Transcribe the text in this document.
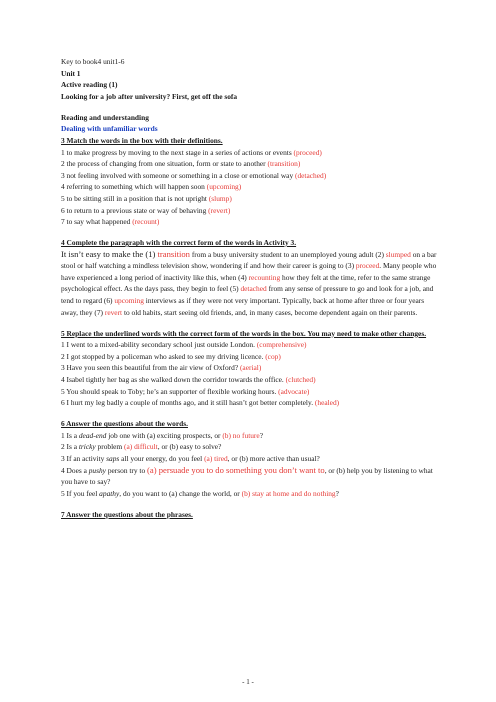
Key to book4 unit1-6
Unit 1
Active reading (1)
Looking for a job after university? First, get off the sofa
Reading and understanding
Dealing with unfamiliar words
3 Match the words in the box with their definitions.
1 to make progress by moving to the next stage in a series of actions or events (proceed)
2 the process of changing from one situation, form or state to another (transition)
3 not feeling involved with someone or something in a close or emotional way (detached)
4 referring to something which will happen soon (upcoming)
5 to be sitting still in a position that is not upright (slump)
6 to return to a previous state or way of behaving (revert)
7 to say what happened (recount)
4 Complete the paragraph with the correct form of the words in Activity 3.
It isn’t easy to make the (1) transition from a busy university student to an unemployed young adult (2) slumped on a bar stool or half watching a mindless television show, wondering if and how their career is going to (3) proceed. Many people who have experienced a long period of inactivity like this, when (4) recounting how they felt at the time, refer to the same strange psychological effect. As the days pass, they begin to feel (5) detached from any sense of pressure to go and look for a job, and tend to regard (6) upcoming interviews as if they were not very important. Typically, back at home after three or four years away, they (7) revert to old habits, start seeing old friends, and, in many cases, become dependent again on their parents.
5 Replace the underlined words with the correct form of the words in the box. You may need to make other changes.
1 I went to a mixed-ability secondary school just outside London. (comprehensive)
2 I got stopped by a policeman who asked to see my driving licence. (cop)
3 Have you seen this beautiful from the air view of Oxford? (aerial)
4 Isabel tightly her bag as she walked down the corridor towards the office. (clutched)
5 You should speak to Toby; he’s an supporter of flexible working hours. (advocate)
6 I hurt my leg badly a couple of months ago, and it still hasn’t got better completely. (healed)
6 Answer the questions about the words.
1 Is a dead-end job one with (a) exciting prospects, or (b) no future?
2 Is a tricky problem (a) difficult, or (b) easy to solve?
3 If an activity saps all your energy, do you feel (a) tired, or (b) more active than usual?
4 Does a pushy person try to (a) persuade you to do something you don’t want to, or (b) help you by listening to what you have to say?
5 If you feel apathy, do you want to (a) change the world, or (b) stay at home and do nothing?
7 Answer the questions about the phrases.
- 1 -
